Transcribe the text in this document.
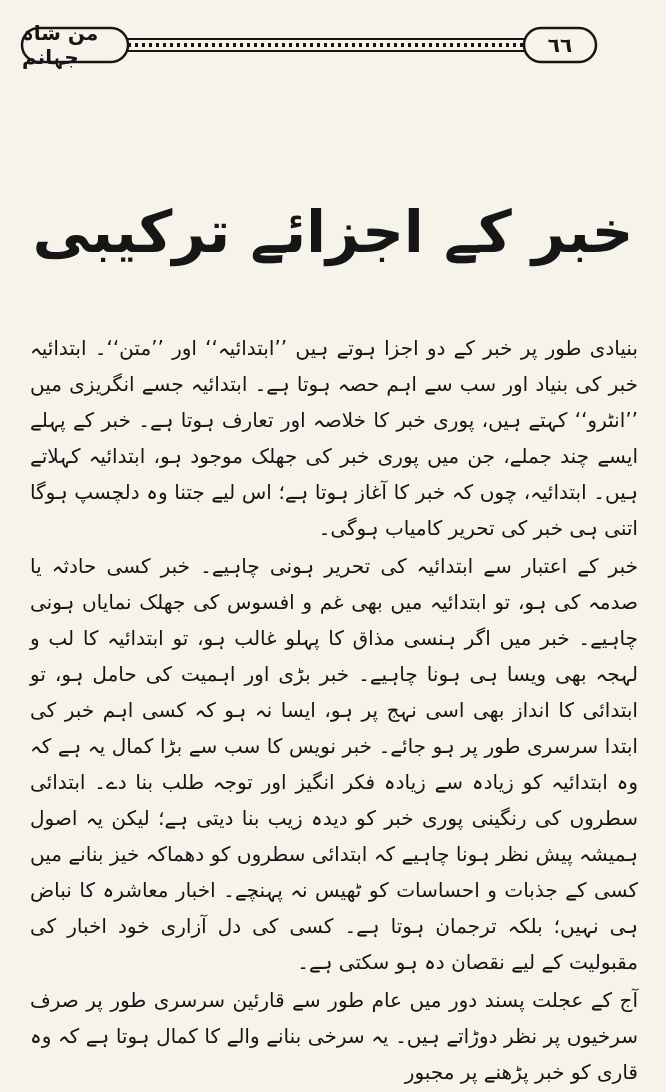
من شاہ جہانم	٦٦
خبر کے اجزائے ترکیبی

بنیادی طور پر خبر کے دو اجزا ہوتے ہیں ’’ابتدائیہ‘‘ اور ’’متن‘‘۔ ابتدائیہ خبر کی بنیاد اور سب سے اہم حصہ ہوتا ہے۔ ابتدائیہ جسے انگریزی میں ’’انٹرو‘‘ کہتے ہیں، پوری خبر کا خلاصہ اور تعارف ہوتا ہے۔ خبر کے پہلے ایسے چند جملے، جن میں پوری خبر کی جھلک موجود ہو، ابتدائیہ کہلاتے ہیں۔ ابتدائیہ، چوں کہ خبر کا آغاز ہوتا ہے؛ اس لیے جتنا وہ دلچسپ ہوگا اتنی ہی خبر کی تحریر کامیاب ہوگی۔

خبر کے اعتبار سے ابتدائیہ کی تحریر ہونی چاہیے۔ خبر کسی حادثہ یا صدمہ کی ہو، تو ابتدائیہ میں بھی غم و افسوس کی جھلک نمایاں ہونی چاہیے۔ خبر میں اگر ہنسی مذاق کا پہلو غالب ہو، تو ابتدائیہ کا لب و لہجہ بھی ویسا ہی ہونا چاہیے۔ خبر بڑی اور اہمیت کی حامل ہو، تو ابتدائی کا انداز بھی اسی نہج پر ہو، ایسا نہ ہو کہ کسی اہم خبر کی ابتدا سرسری طور پر ہو جائے۔ خبر نویس کا سب سے بڑا کمال یہ ہے کہ وہ ابتدائیہ کو زیادہ سے زیادہ فکر انگیز اور توجہ طلب بنا دے۔ ابتدائی سطروں کی رنگینی پوری خبر کو دیدہ زیب بنا دیتی ہے؛ لیکن یہ اصول ہمیشہ پیش نظر ہونا چاہیے کہ ابتدائی سطروں کو دھماکہ خیز بنانے میں کسی کے جذبات و احساسات کو ٹھیس نہ پہنچے۔ اخبار معاشرہ کا نباض ہی نہیں؛ بلکہ ترجمان ہوتا ہے۔ کسی کی دل آزاری خود اخبار کی مقبولیت کے لیے نقصان دہ ہو سکتی ہے۔

آج کے عجلت پسند دور میں عام طور سے قارئین سرسری طور پر صرف سرخیوں پر نظر دوڑاتے ہیں۔ یہ سرخی بنانے والے کا کمال ہوتا ہے کہ وہ قاری کو خبر پڑھنے پر مجبور
